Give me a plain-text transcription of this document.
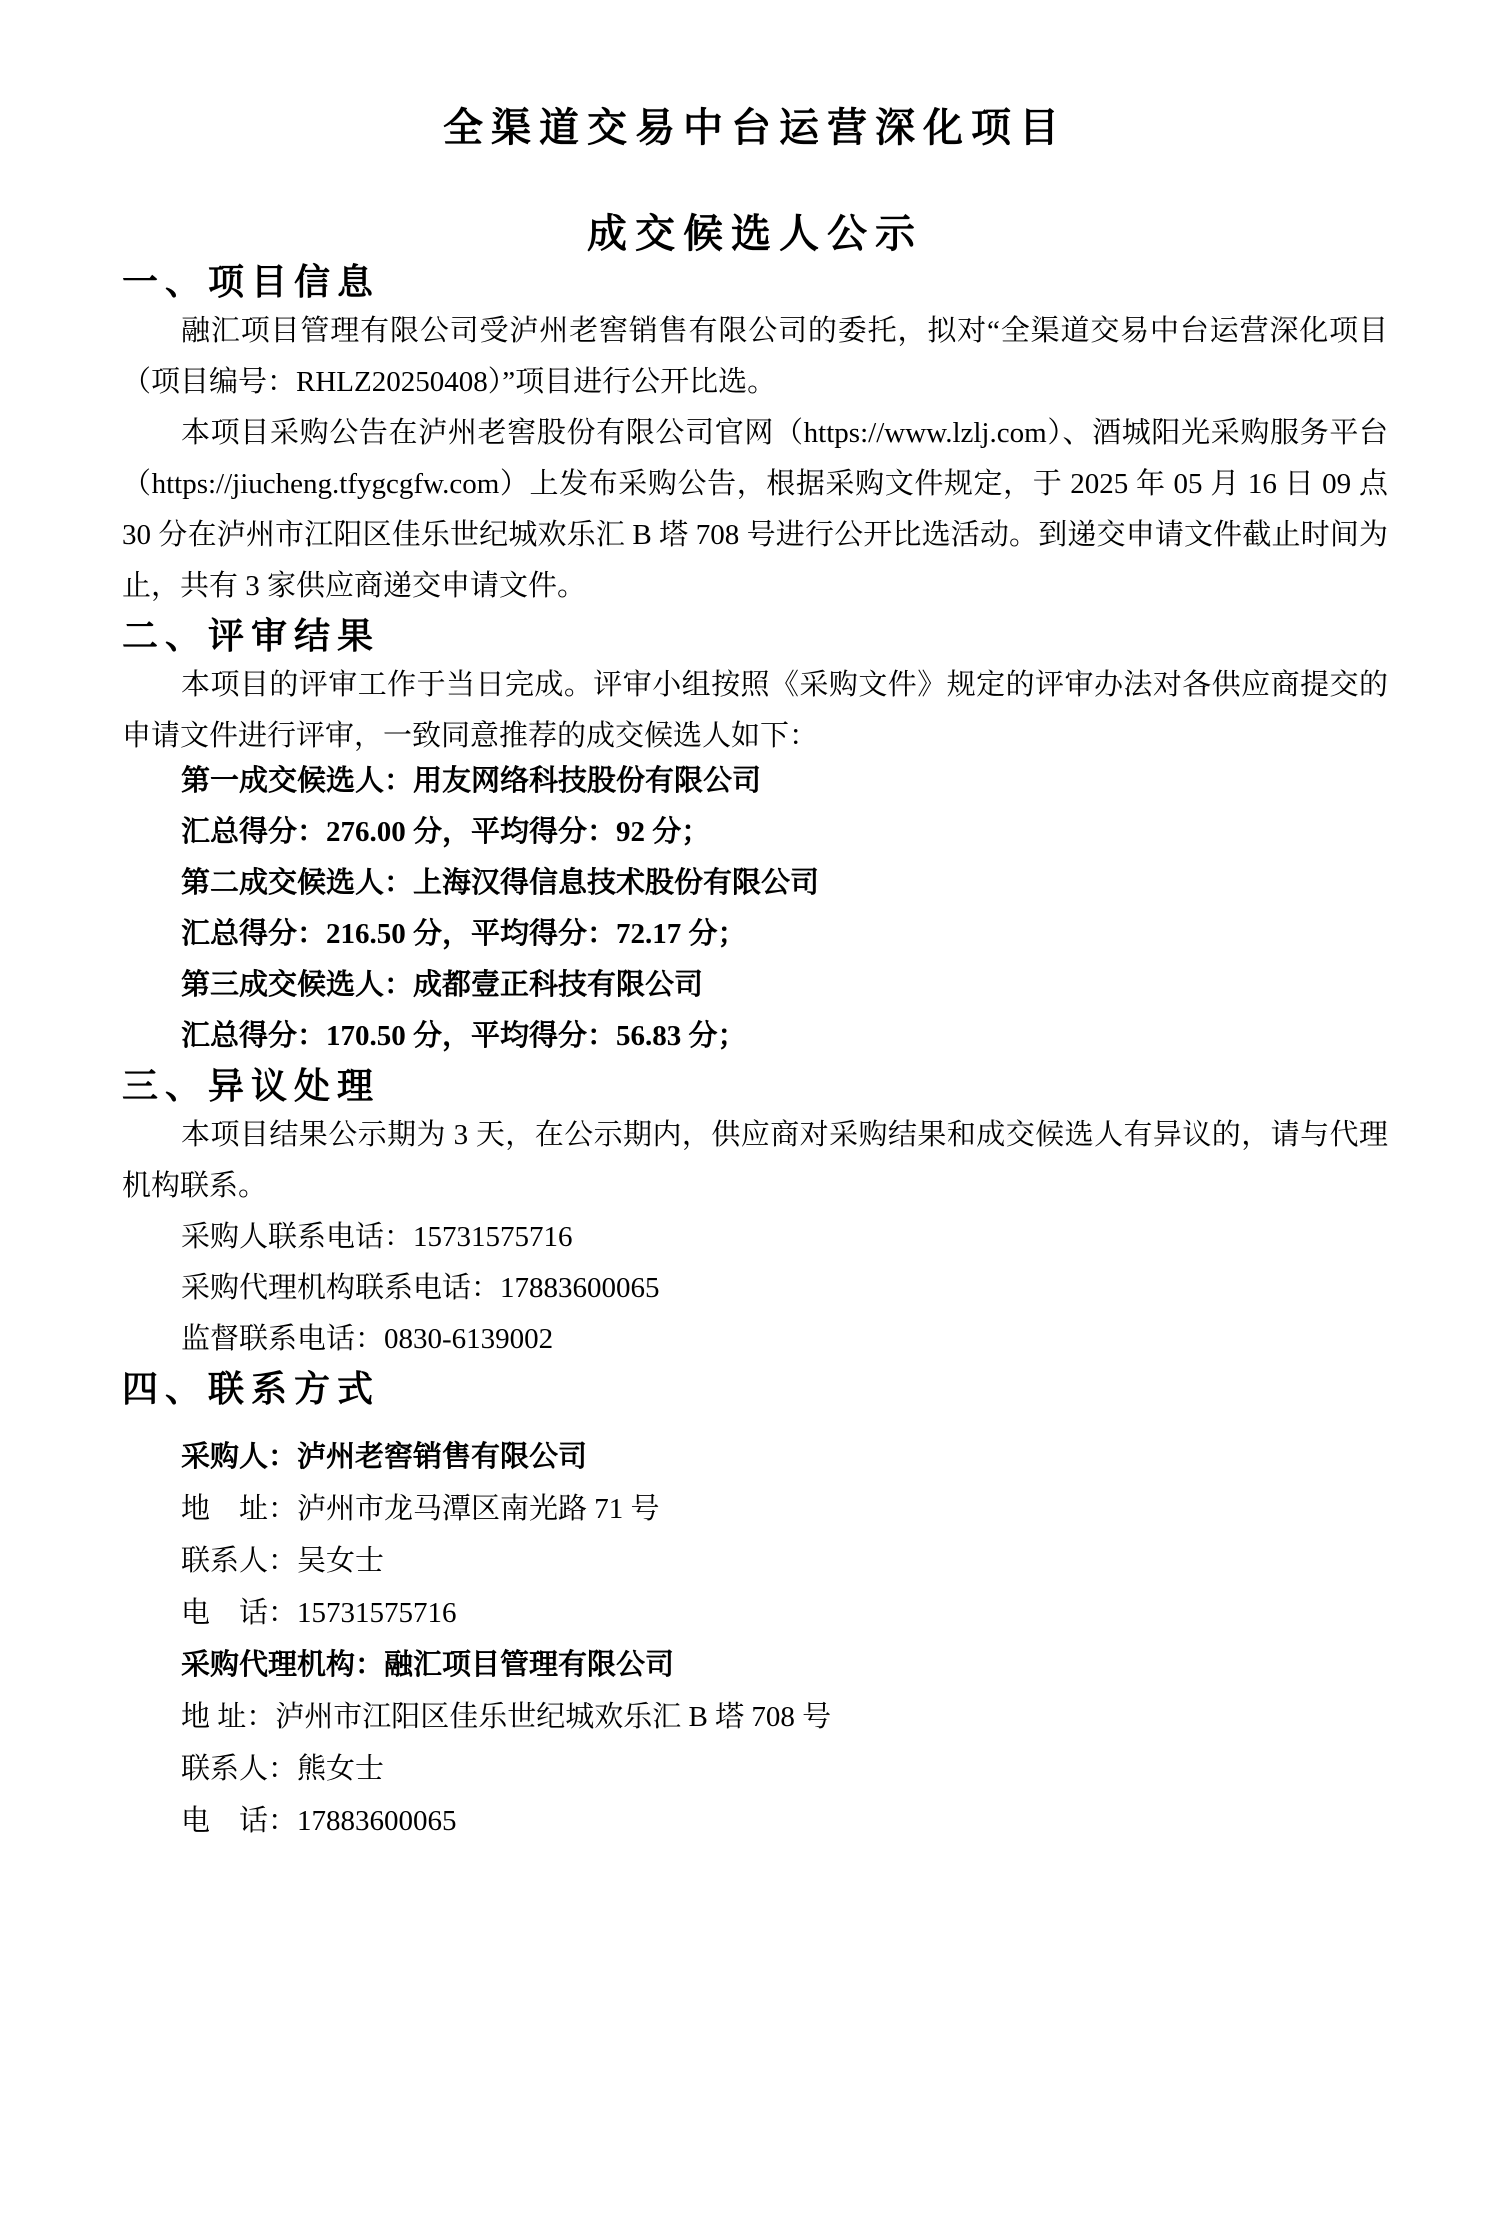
全渠道交易中台运营深化项目
成交候选人公示
一、项目信息

融汇项目管理有限公司受泸州老窖销售有限公司的委托，拟对“全渠道交易中台运营深化项目（项目编号：RHLZ20250408）”项目进行公开比选。

本项目采购公告在泸州老窖股份有限公司官网（https://www.lzlj.com）、酒城阳光采购服务平台（https://jiucheng.tfygcgfw.com）上发布采购公告，根据采购文件规定，于 2025 年 05 月 16 日 09 点 30 分在泸州市江阳区佳乐世纪城欢乐汇 B 塔 708 号进行公开比选活动。到递交申请文件截止时间为止，共有 3 家供应商递交申请文件。

二、评审结果

本项目的评审工作于当日完成。评审小组按照《采购文件》规定的评审办法对各供应商提交的申请文件进行评审，一致同意推荐的成交候选人如下：

第一成交候选人：用友网络科技股份有限公司

汇总得分：276.00 分，平均得分：92 分；

第二成交候选人：上海汉得信息技术股份有限公司

汇总得分：216.50 分，平均得分：72.17 分；

第三成交候选人：成都壹正科技有限公司

汇总得分：170.50 分，平均得分：56.83 分；

三、异议处理

本项目结果公示期为 3 天，在公示期内，供应商对采购结果和成交候选人有异议的，请与代理机构联系。

采购人联系电话：15731575716

采购代理机构联系电话：17883600065

监督联系电话：0830-6139002

四、联系方式

采购人：泸州老窖销售有限公司

地　址：泸州市龙马潭区南光路 71 号

联系人：吴女士

电　话：15731575716

采购代理机构：融汇项目管理有限公司

地 址：泸州市江阳区佳乐世纪城欢乐汇 B 塔 708 号

联系人：熊女士

电　话：17883600065
